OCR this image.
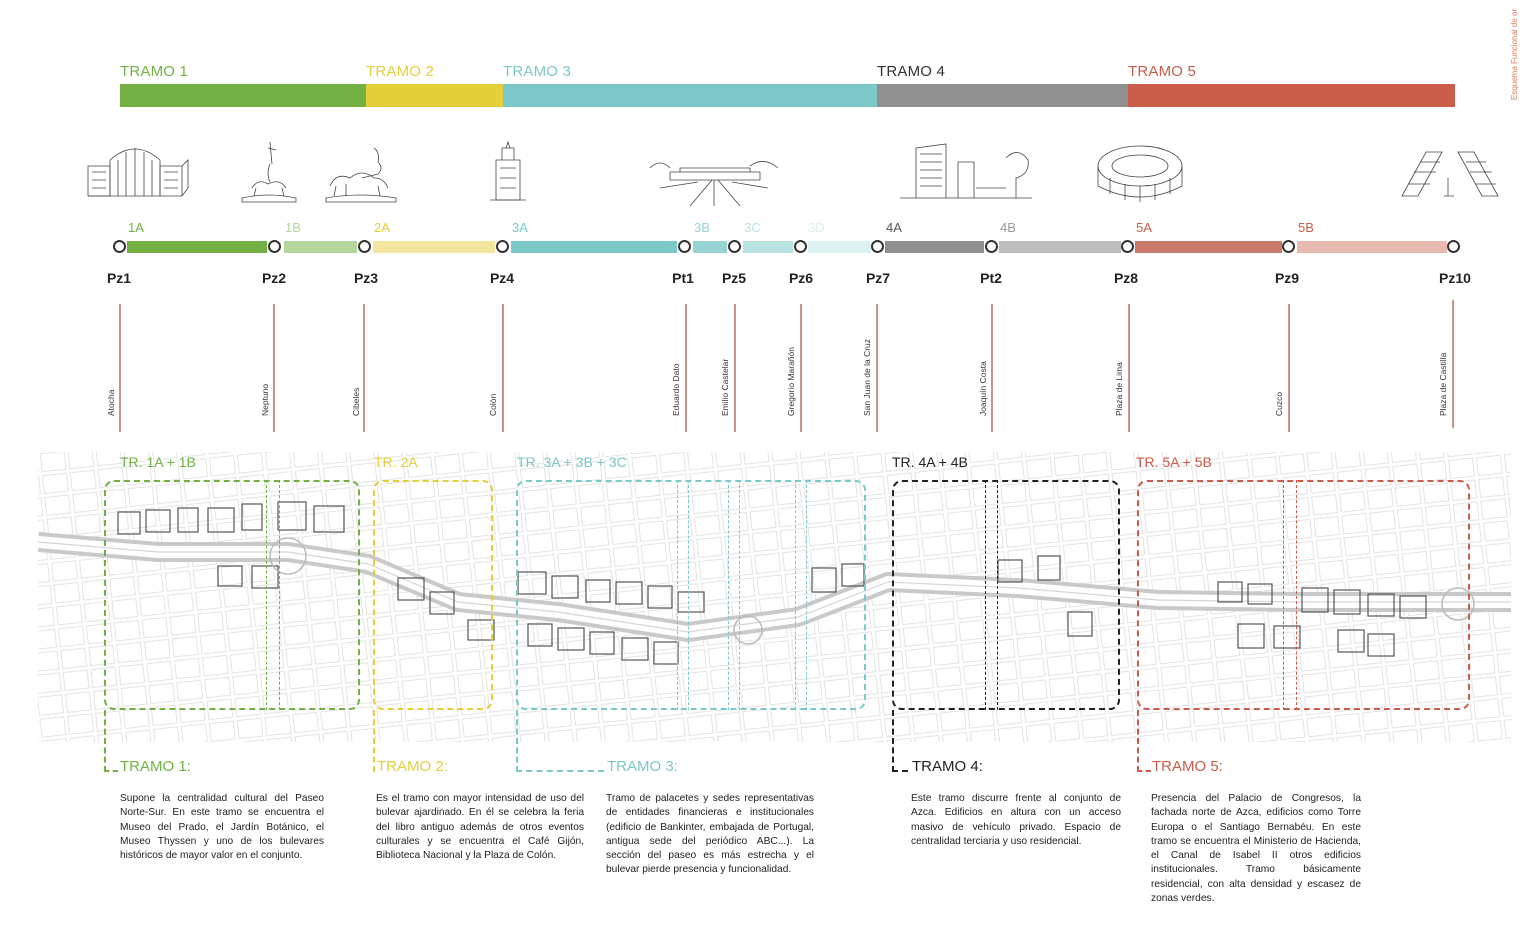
Esquema Funcional de or
TRAMO 1	TRAMO 2	TRAMO 3	TRAMO 4	TRAMO 5
1A	1B	2A	3A	3B	3C	3D	4A	4B	5A	5B
Pz1	Pz2	Pz3	Pz4	Pt1 Pz5	Pz6	Pz7	Pt2	Pz8	Pz9	Pz10
Atocha	Neptuno	Cibeles	Colón	Eduardo Dato	Emilio Castelar	Gregorio Marañón	San Juan de la Cruz	Joaquín Costa	Plaza de Lima	Cuzco	Plaza de Castilla
TR. 1A + 1B	TR. 2A	TR. 3A + 3B + 3C	TR. 4A + 4B	TR. 5A + 5B
TRAMO 1:	TRAMO 2:	TRAMO 3:	TRAMO 4:	TRAMO 5:
Supone la centralidad cultural del Paseo Norte-Sur. En este tramo se encuentra el Museo del Prado, el Jardín Botánico, el Museo Thyssen y uno de los bulevares históricos de mayor valor en el conjunto.
Es el tramo con mayor intensidad de uso del bulevar ajardinado. En él se celebra la feria del libro antiguo además de otros eventos culturales y se encuentra el Café Gijón, Biblioteca Nacional y la Plaza de Colón.
Tramo de palacetes y sedes representativas de entidades financieras e institucionales (edificio de Bankinter, embajada de Portugal, antigua sede del periódico ABC...). La sección del paseo es más estrecha y el bulevar pierde presencia y funcionalidad.
Este tramo discurre frente al conjunto de Azca. Edificios en altura con un acceso masivo de vehículo privado. Espacio de centralidad terciaria y uso residencial.
Presencia del Palacio de Congresos, la fachada norte de Azca, edificios como Torre Europa o el Santiago Bernabéu. En este tramo se encuentra el Ministerio de Hacienda, el Canal de Isabel II otros edificios institucionales. Tramo básicamente residencial, con alta densidad y escasez de zonas verdes.
